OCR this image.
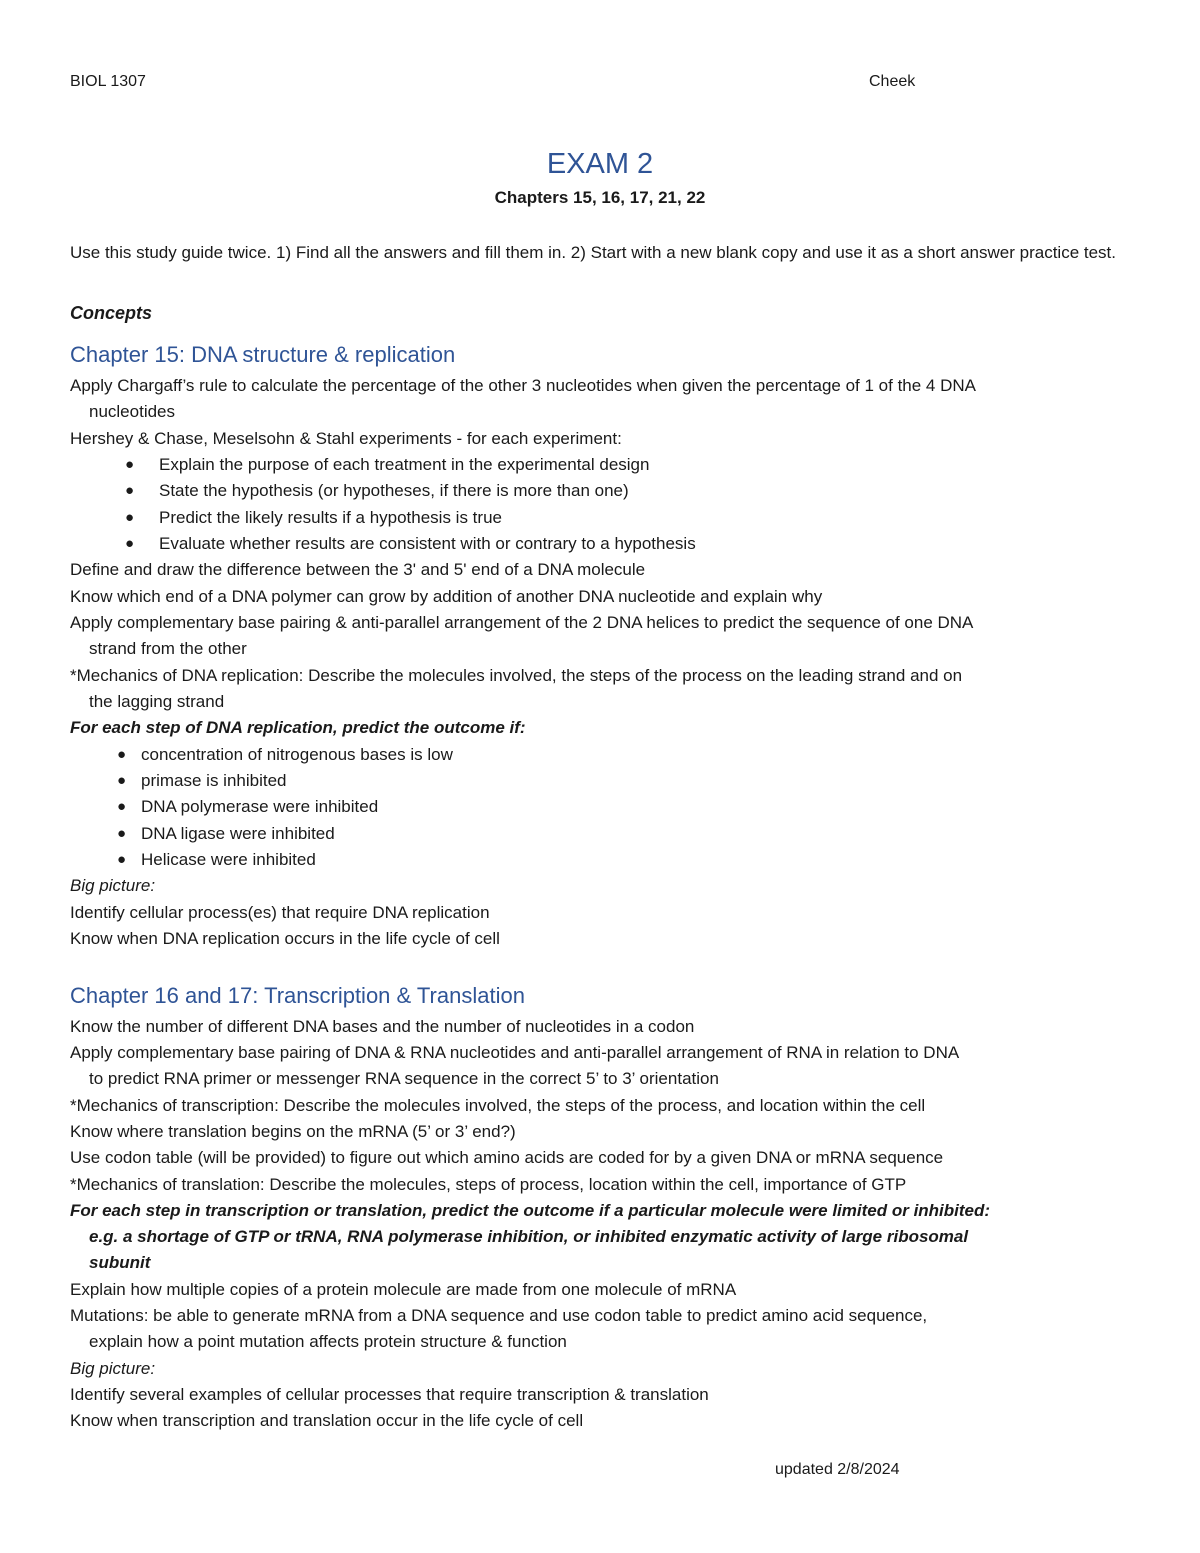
BIOL 1307	Cheek
EXAM 2
Chapters 15, 16, 17, 21, 22
Use this study guide twice. 1) Find all the answers and fill them in. 2) Start with a new blank copy and use it as a short answer practice test.
Concepts
Chapter 15: DNA structure & replication
Apply Chargaff’s rule to calculate the percentage of the other 3 nucleotides when given the percentage of 1 of the 4 DNA
nucleotides
Hershey & Chase, Meselsohn & Stahl experiments - for each experiment:
● Explain the purpose of each treatment in the experimental design
● State the hypothesis (or hypotheses, if there is more than one)
● Predict the likely results if a hypothesis is true
● Evaluate whether results are consistent with or contrary to a hypothesis
Define and draw the difference between the 3' and 5' end of a DNA molecule
Know which end of a DNA polymer can grow by addition of another DNA nucleotide and explain why
Apply complementary base pairing & anti-parallel arrangement of the 2 DNA helices to predict the sequence of one DNA
strand from the other
*Mechanics of DNA replication: Describe the molecules involved, the steps of the process on the leading strand and on
the lagging strand
For each step of DNA replication, predict the outcome if:
● concentration of nitrogenous bases is low
● primase is inhibited
● DNA polymerase were inhibited
● DNA ligase were inhibited
● Helicase were inhibited
Big picture:
Identify cellular process(es) that require DNA replication
Know when DNA replication occurs in the life cycle of cell
Chapter 16 and 17: Transcription & Translation
Know the number of different DNA bases and the number of nucleotides in a codon
Apply complementary base pairing of DNA & RNA nucleotides and anti-parallel arrangement of RNA in relation to DNA
to predict RNA primer or messenger RNA sequence in the correct 5’ to 3’ orientation
*Mechanics of transcription: Describe the molecules involved, the steps of the process, and location within the cell
Know where translation begins on the mRNA (5’ or 3’ end?)
Use codon table (will be provided) to figure out which amino acids are coded for by a given DNA or mRNA sequence
*Mechanics of translation: Describe the molecules, steps of process, location within the cell, importance of GTP
For each step in transcription or translation, predict the outcome if a particular molecule were limited or inhibited:
e.g. a shortage of GTP or tRNA, RNA polymerase inhibition, or inhibited enzymatic activity of large ribosomal
subunit
Explain how multiple copies of a protein molecule are made from one molecule of mRNA
Mutations: be able to generate mRNA from a DNA sequence and use codon table to predict amino acid sequence,
explain how a point mutation affects protein structure & function
Big picture:
Identify several examples of cellular processes that require transcription & translation
Know when transcription and translation occur in the life cycle of cell
updated 2/8/2024
